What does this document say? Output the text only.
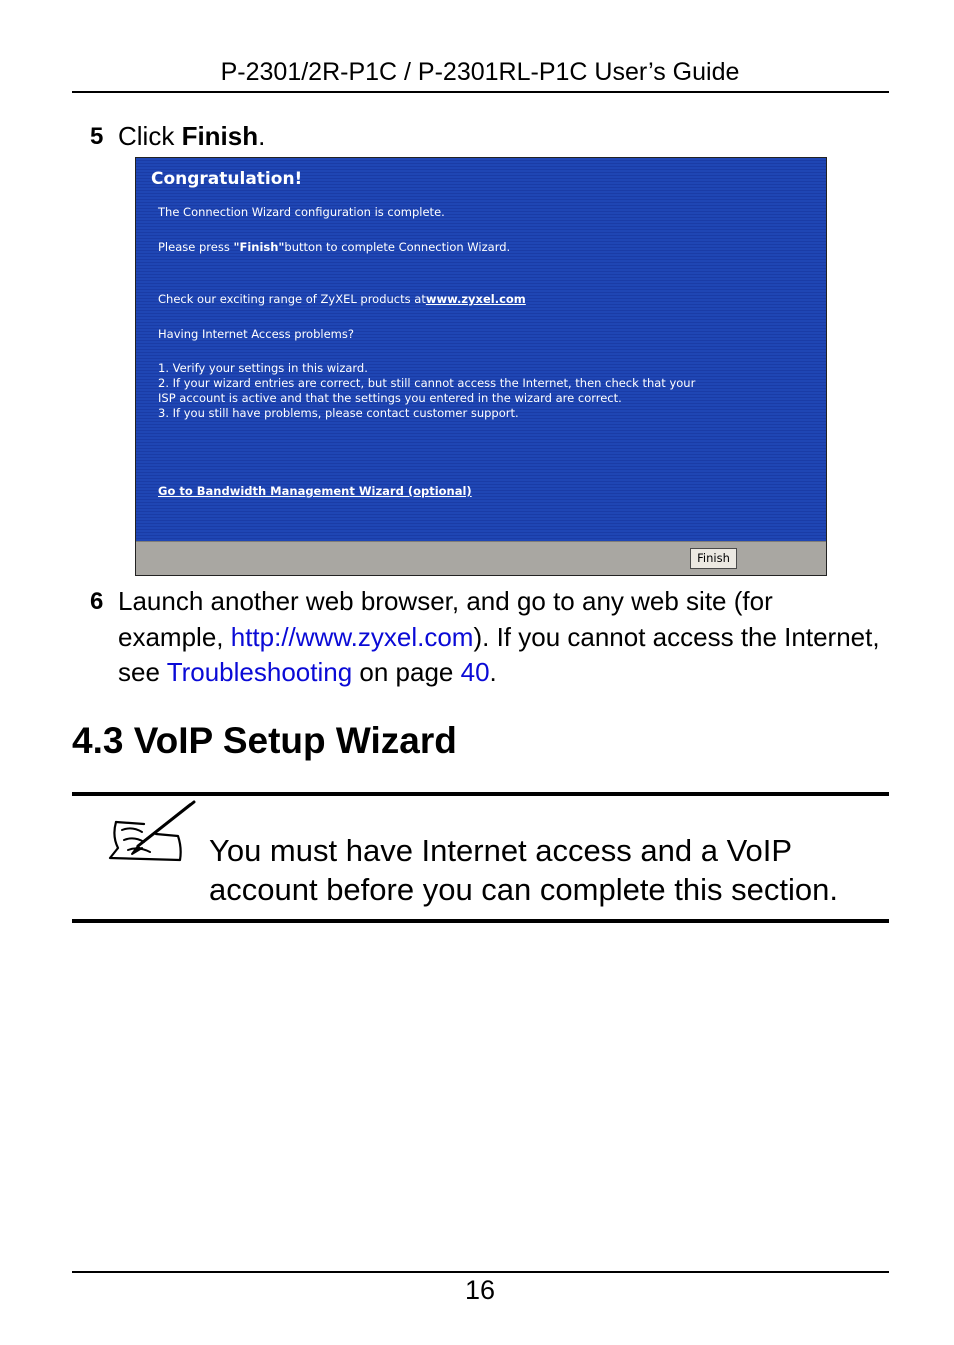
P-2301/2R-P1C / P-2301RL-P1C User’s Guide
5 Click Finish.
Congratulation!
The Connection Wizard configuration is complete.
Please press "Finish"button to complete Connection Wizard.
Check our exciting range of ZyXEL products atwww.zyxel.com
Having Internet Access problems?
1. Verify your settings in this wizard.
2. If your wizard entries are correct, but still cannot access the Internet, then check that your
ISP account is active and that the settings you entered in the wizard are correct.
3. If you still have problems, please contact customer support.
Go to Bandwidth Management Wizard (optional)
Finish
6 Launch another web browser, and go to any web site (for example, http://www.zyxel.com). If you cannot access the Internet, see Troubleshooting on page 40.
4.3 VoIP Setup Wizard
You must have Internet access and a VoIP account before you can complete this section.
16
